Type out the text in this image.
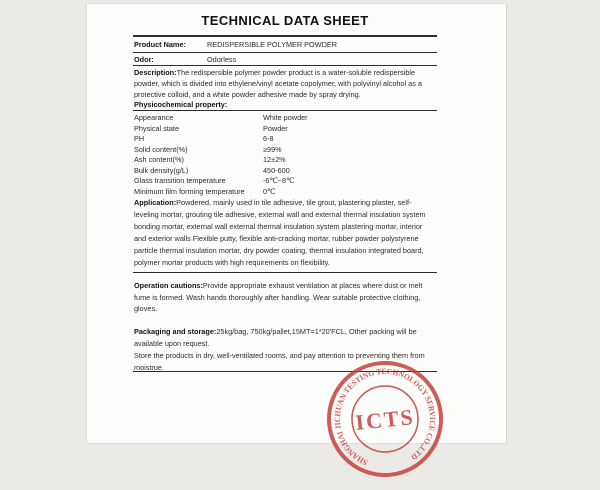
TECHNICAL DATA SHEET
Product Name:	REDISPERSIBLE POLYMER POWDER
Odor:	Odorless

Description:The redispersible polymer powder product is a water-soluble redispersible powder, which is divided into ethylene/vinyl acetate copolymer, with polyvinyl alcohol as a protective colloid, and a white powder adhesive made by spray drying.

Physicochemical property:
Appearance	White powder
Physical state	Powder
PH	6-8
Solid content(%)	≥99%
Ash content(%)	12±2%
Bulk density(g/L)	450-600
Glass transition temperature	-6℃~8℃
Minimum film forming temperature	0℃

Application:Powdered, mainly used in tile adhesive, tile grout, plastering plaster, self-leveling mortar, grouting tile adhesive, external wall and external thermal insulation system bonding mortar, external wall external thermal insulation system plastering mortar, interior and exterior walls Flexible putty, flexible anti-cracking mortar, rubber powder polystyrene particle thermal insulation mortar, dry powder coating, thermal insulation integrated board, polymer mortar products with high requirements on flexibility.

Operation cautions:Provide appropriate exhaust ventilation at places where dust or melt fume is formed. Wash hands thoroughly after handling. Wear suitable protective clothing, gloves.

Packaging and storage:25kg/bag, 750kg/pallet,15MT=1*20'FCL, Other packing will be available upon request.

Store the products in dry, well-ventilated rooms, and pay attention to preventing them from moistrue.

SHANGHAI JICHUAN TESTING TECHNOLOGY SERVICE CO.,LTD
ICTS
